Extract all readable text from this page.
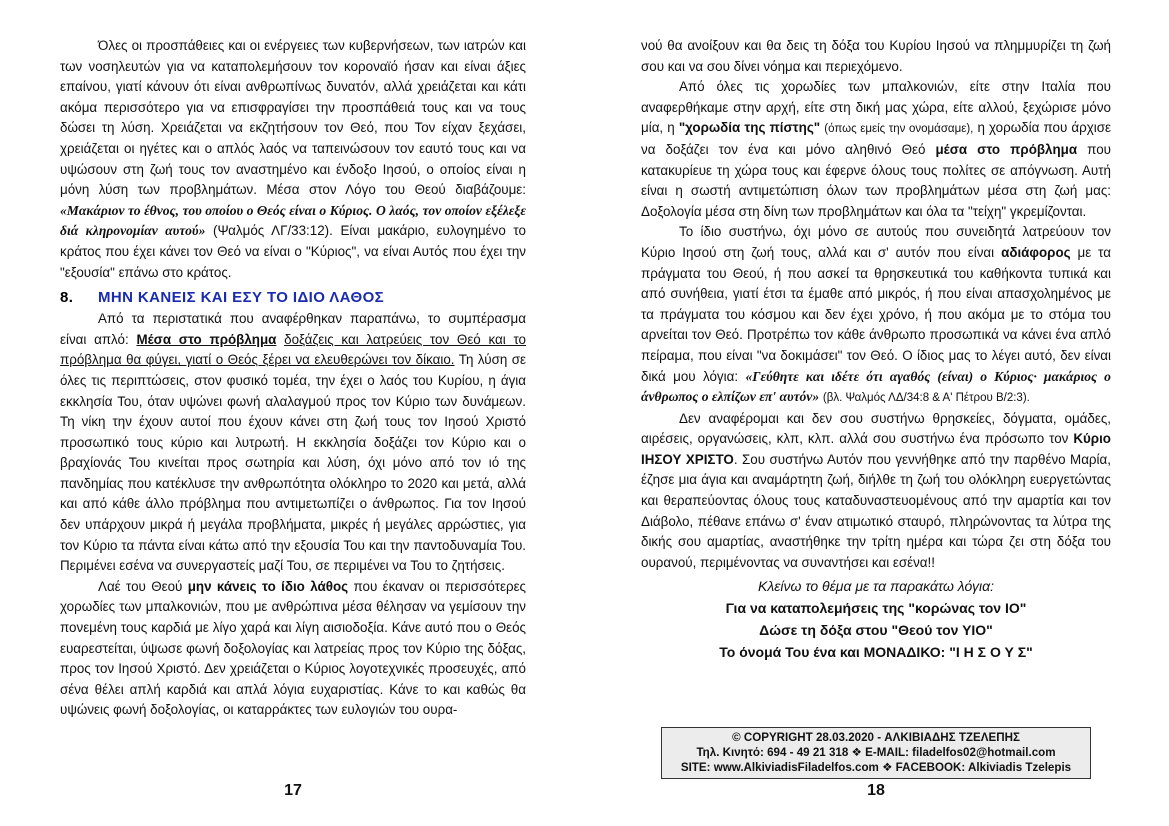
Όλες οι προσπάθειες και οι ενέργειες των κυβερνήσεων, των ιατρών και των νοσηλευτών για να καταπολεμήσουν τον κοροναϊό ήσαν και είναι άξιες επαίνου, γιατί κάνουν ότι είναι ανθρωπίνως δυνατόν, αλλά χρειάζεται και κάτι ακόμα περισσότερο για να επισφραγίσει την προσπάθειά τους και να τους δώσει τη λύση. Χρειάζεται να εκζητήσουν τον Θεό, που Τον είχαν ξεχάσει, χρειάζεται οι ηγέτες και ο απλός λαός να ταπεινώσουν τον εαυτό τους και να υψώσουν στη ζωή τους τον αναστημένο και ένδοξο Ιησού, ο οποίος είναι η μόνη λύση των προβλημάτων. Μέσα στον Λόγο του Θεού διαβάζουμε: «Μακάριον το έθνος, του οποίου ο Θεός είναι ο Κύριος. Ο λαός, τον οποίον εξέλεξε διά κληρονομίαν αυτού» (Ψαλμός ΛΓ/33:12). Είναι μακάριο, ευλογημένο το κράτος που έχει κάνει τον Θεό να είναι ο "Κύριος", να είναι Αυτός που έχει την "εξουσία" επάνω στο κράτος.

8. ΜΗΝ ΚΑΝΕΙΣ ΚΑΙ ΕΣΥ ΤΟ ΙΔΙΟ ΛΑΘΟΣ

Από τα περιστατικά που αναφέρθηκαν παραπάνω, το συμπέρασμα είναι απλό: Μέσα στο πρόβλημα δοξάζεις και λατρεύεις τον Θεό και το πρόβλημα θα φύγει, γιατί ο Θεός ξέρει να ελευθερώνει τον δίκαιο. Τη λύση σε όλες τις περιπτώσεις, στον φυσικό τομέα, την έχει ο λαός του Κυρίου, η άγια εκκλησία Του, όταν υψώνει φωνή αλαλαγμού προς τον Κύριο των δυνάμεων. Τη νίκη την έχουν αυτοί που έχουν κάνει στη ζωή τους τον Ιησού Χριστό προσωπικό τους κύριο και λυτρωτή. Η εκκλησία δοξάζει τον Κύριο και ο βραχίονάς Του κινείται προς σωτηρία και λύση, όχι μόνο από τον ιό της πανδημίας που κατέκλυσε την ανθρωπότητα ολόκληρο το 2020 και μετά, αλλά και από κάθε άλλο πρόβλημα που αντιμετωπίζει ο άνθρωπος. Για τον Ιησού δεν υπάρχουν μικρά ή μεγάλα προβλήματα, μικρές ή μεγάλες αρρώστιες, για τον Κύριο τα πάντα είναι κάτω από την εξουσία Του και την παντοδυναμία Του. Περιμένει εσένα να συνεργαστείς μαζί Του, σε περιμένει να Του το ζητήσεις.

Λαέ του Θεού μην κάνεις το ίδιο λάθος που έκαναν οι περισσότερες χορωδίες των μπαλκονιών, που με ανθρώπινα μέσα θέλησαν να γεμίσουν την πονεμένη τους καρδιά με λίγο χαρά και λίγη αισιοδοξία. Κάνε αυτό που ο Θεός ευαρεστείται, ύψωσε φωνή δοξολογίας και λατρείας προς τον Κύριο της δόξας, προς τον Ιησού Χριστό. Δεν χρειάζεται ο Κύριος λογοτεχνικές προσευχές, από σένα θέλει απλή καρδιά και απλά λόγια ευχαριστίας. Κάνε το και καθώς θα υψώνεις φωνή δοξολογίας, οι καταρράκτες των ευλογιών του ουρα-

17

νού θα ανοίξουν και θα δεις τη δόξα του Κυρίου Ιησού να πλημμυρίζει τη ζωή σου και να σου δίνει νόημα και περιεχόμενο.

Από όλες τις χορωδίες των μπαλκονιών, είτε στην Ιταλία που αναφερθήκαμε στην αρχή, είτε στη δική μας χώρα, είτε αλλού, ξεχώρισε μόνο μία, η "χορωδία της πίστης" (όπως εμείς την ονομάσαμε), η χορωδία που άρχισε να δοξάζει τον ένα και μόνο αληθινό Θεό μέσα στο πρόβλημα που κατακυρίευε τη χώρα τους και έφερνε όλους τους πολίτες σε απόγνωση. Αυτή είναι η σωστή αντιμετώπιση όλων των προβλημάτων μέσα στη ζωή μας: Δοξολογία μέσα στη δίνη των προβλημάτων και όλα τα "τείχη" γκρεμίζονται.

Το ίδιο συστήνω, όχι μόνο σε αυτούς που συνειδητά λατρεύουν τον Κύριο Ιησού στη ζωή τους, αλλά και σ' αυτόν που είναι αδιάφορος με τα πράγματα του Θεού, ή που ασκεί τα θρησκευτικά του καθήκοντα τυπικά και από συνήθεια, γιατί έτσι τα έμαθε από μικρός, ή που είναι απασχολημένος με τα πράγματα του κόσμου και δεν έχει χρόνο, ή που ακόμα με το στόμα του αρνείται τον Θεό. Προτρέπω τον κάθε άνθρωπο προσωπικά να κάνει ένα απλό πείραμα, που είναι "να δοκιμάσει" τον Θεό. Ο ίδιος μας το λέγει αυτό, δεν είναι δικά μου λόγια: «Γεύθητε και ιδέτε ότι αγαθός (είναι) ο Κύριος· μακάριος ο άνθρωπος ο ελπίζων επ' αυτόν» (βλ. Ψαλμός ΛΔ/34:8 & Α' Πέτρου Β/2:3).

Δεν αναφέρομαι και δεν σου συστήνω θρησκείες, δόγματα, ομάδες, αιρέσεις, οργανώσεις, κλπ, κλπ. αλλά σου συστήνω ένα πρόσωπο τον Κύριο ΙΗΣΟΥ ΧΡΙΣΤΟ. Σου συστήνω Αυτόν που γεννήθηκε από την παρθένο Μαρία, έζησε μια άγια και αναμάρτητη ζωή, διήλθε τη ζωή του ολόκληρη ευεργετώντας και θεραπεύοντας όλους τους καταδυναστευομένους από την αμαρτία και τον Διάβολο, πέθανε επάνω σ' έναν ατιμωτικό σταυρό, πληρώνοντας τα λύτρα της δικής σου αμαρτίας, αναστήθηκε την τρίτη ημέρα και τώρα ζει στη δόξα του ουρανού, περιμένοντας να συναντήσει και εσένα!!

Κλείνω το θέμα με τα παρακάτω λόγια:
Για να καταπολεμήσεις της "κορώνας τον ΙΟ"
Δώσε τη δόξα στου "Θεού τον ΥΙΟ"
Το όνομά Του ένα και ΜΟΝΑΔΙΚΟ: "Ι Η Σ Ο Υ Σ"
© COPYRIGHT 28.03.2020 - ΑΛΚΙΒΙΑΔΗΣ ΤΖΕΛΕΠΗΣ
Τηλ. Κινητό: 694 - 49 21 318 ❖ E-MAIL: filadelfos02@hotmail.com
SITE: www.AlkiviadisFiladelfos.com ❖ FACEBOOK: Alkiviadis Tzelepis
18
